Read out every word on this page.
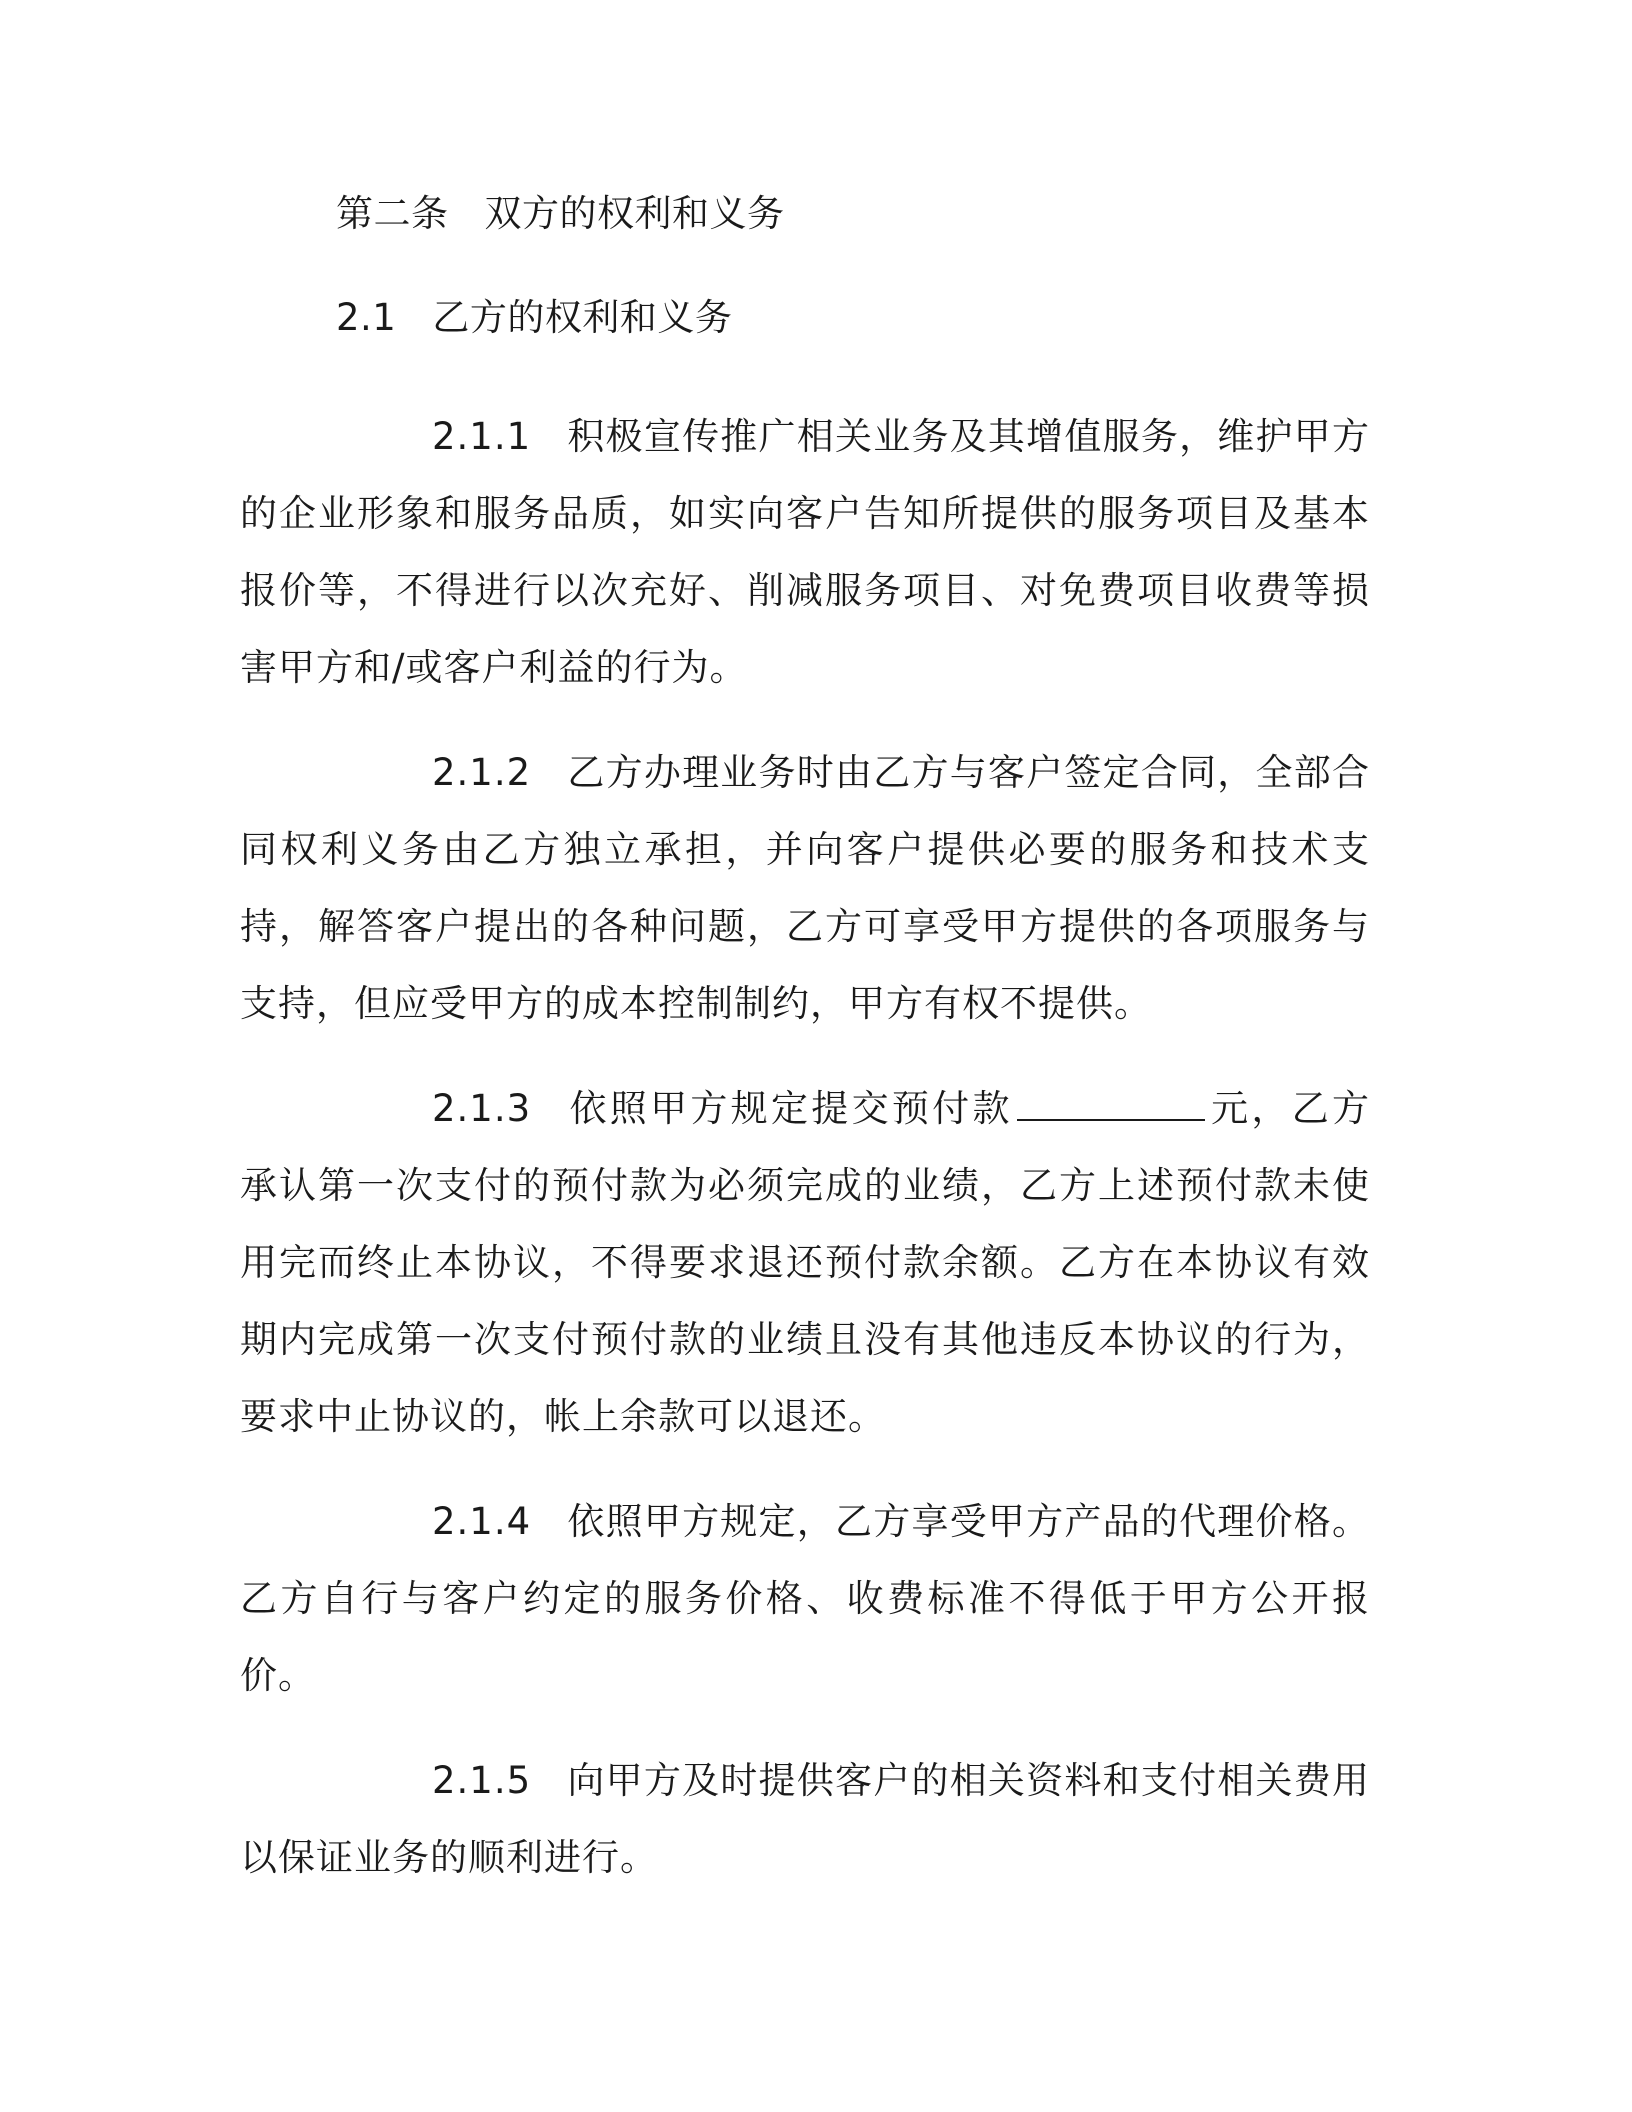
第二条 双方的权利和义务
2.1 乙方的权利和义务

2.1.1 积极宣传推广相关业务及其增值服务，维护甲方的企业形象和服务品质，如实向客户告知所提供的服务项目及基本报价等，不得进行以次充好、削减服务项目、对免费项目收费等损害甲方和/或客户利益的行为。

2.1.2 乙方办理业务时由乙方与客户签定合同，全部合同权利义务由乙方独立承担，并向客户提供必要的服务和技术支持，解答客户提出的各种问题，乙方可享受甲方提供的各项服务与支持，但应受甲方的成本控制制约，甲方有权不提供。

2.1.3 依照甲方规定提交预付款	元，乙方承认第一次支付的预付款为必须完成的业绩，乙方上述预付款未使用完而终止本协议，不得要求退还预付款余额。乙方在本协议有效期内完成第一次支付预付款的业绩且没有其他违反本协议的行为，要求中止协议的，帐上余款可以退还。

2.1.4 依照甲方规定，乙方享受甲方产品的代理价格。乙方自行与客户约定的服务价格、收费标准不得低于甲方公开报价。

2.1.5 向甲方及时提供客户的相关资料和支付相关费用以保证业务的顺利进行。
